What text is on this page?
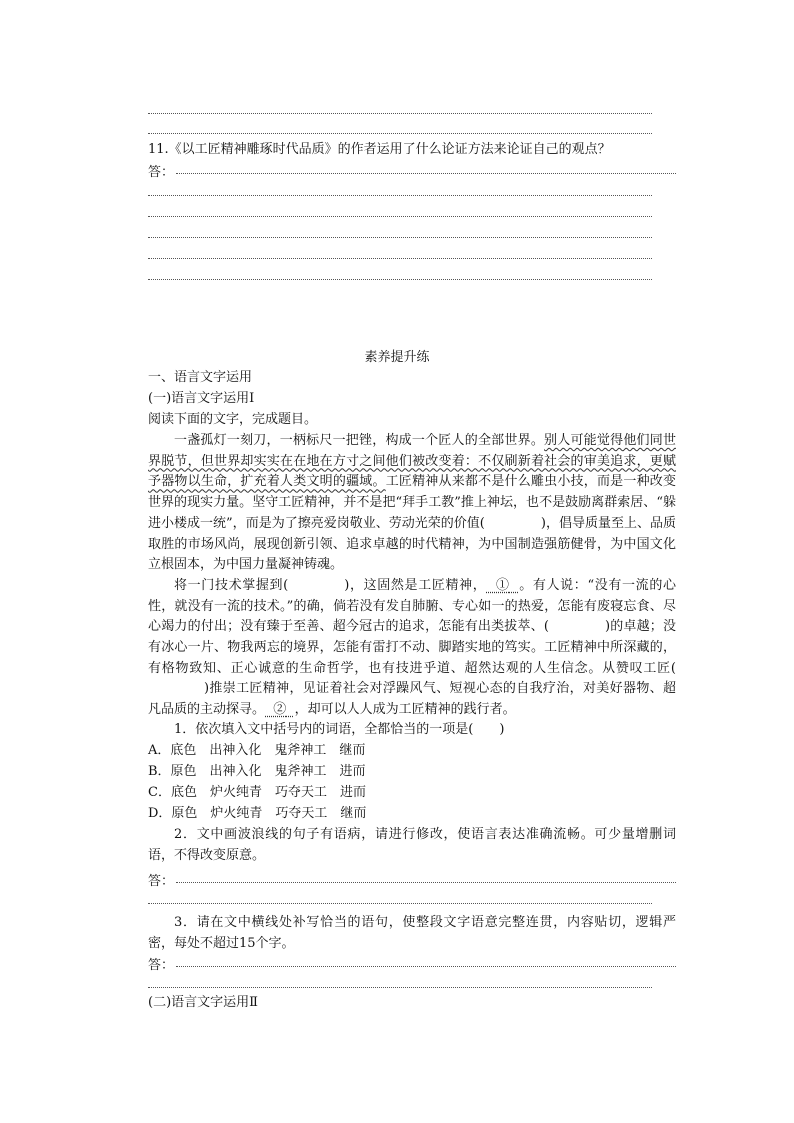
11.《以工匠精神雕琢时代品质》的作者运用了什么论证方法来论证自己的观点？
答：
素养提升练
一、语言文字运用
(一)语言文字运用Ⅰ
阅读下面的文字，完成题目。

一盏孤灯一刻刀，一柄标尺一把锉，构成一个匠人的全部世界。别人可能觉得他们同世界脱节，但世界却实实在在地在方寸之间他们被改变着：不仅刷新着社会的审美追求，更赋予器物以生命，扩充着人类文明的疆域。工匠精神从来都不是什么雕虫小技，而是一种改变世界的现实力量。坚守工匠精神，并不是把“拜手工教”推上神坛，也不是鼓励离群索居、“躲进小楼成一统”，而是为了擦亮爱岗敬业、劳动光荣的价值(	)，倡导质量至上、品质取胜的市场风尚，展现创新引领、追求卓越的时代精神，为中国制造强筋健骨，为中国文化立根固本，为中国力量凝神铸魂。

将一门技术掌握到(	)，这固然是工匠精神， ① 。有人说：“没有一流的心性，就没有一流的技术。”的确，倘若没有发自肺腑、专心如一的热爱，怎能有废寝忘食、尽心竭力的付出；没有臻于至善、超今冠古的追求，怎能有出类拔萃、(	)的卓越；没有冰心一片、物我两忘的境界，怎能有雷打不动、脚踏实地的笃实。工匠精神中所深藏的，有格物致知、正心诚意的生命哲学，也有技进乎道、超然达观的人生信念。从赞叹工匠()推崇工匠精神，见证着社会对浮躁风气、短视心态的自我疗治，对美好器物、超凡品质的主动探寻。 ② ，却可以人人成为工匠精神的践行者。

1．依次填入文中括号内的词语，全都恰当的一项是(　　)
A．底色　出神入化　鬼斧神工　继而
B．原色　出神入化　鬼斧神工　进而
C．底色　炉火纯青　巧夺天工　进而
D．原色　炉火纯青　巧夺天工　继而

2．文中画波浪线的句子有语病，请进行修改，使语言表达准确流畅。可少量增删词语，不得改变原意。

答：

3．请在文中横线处补写恰当的语句，使整段文字语意完整连贯，内容贴切，逻辑严密，每处不超过15个字。

答：
(二)语言文字运用Ⅱ
